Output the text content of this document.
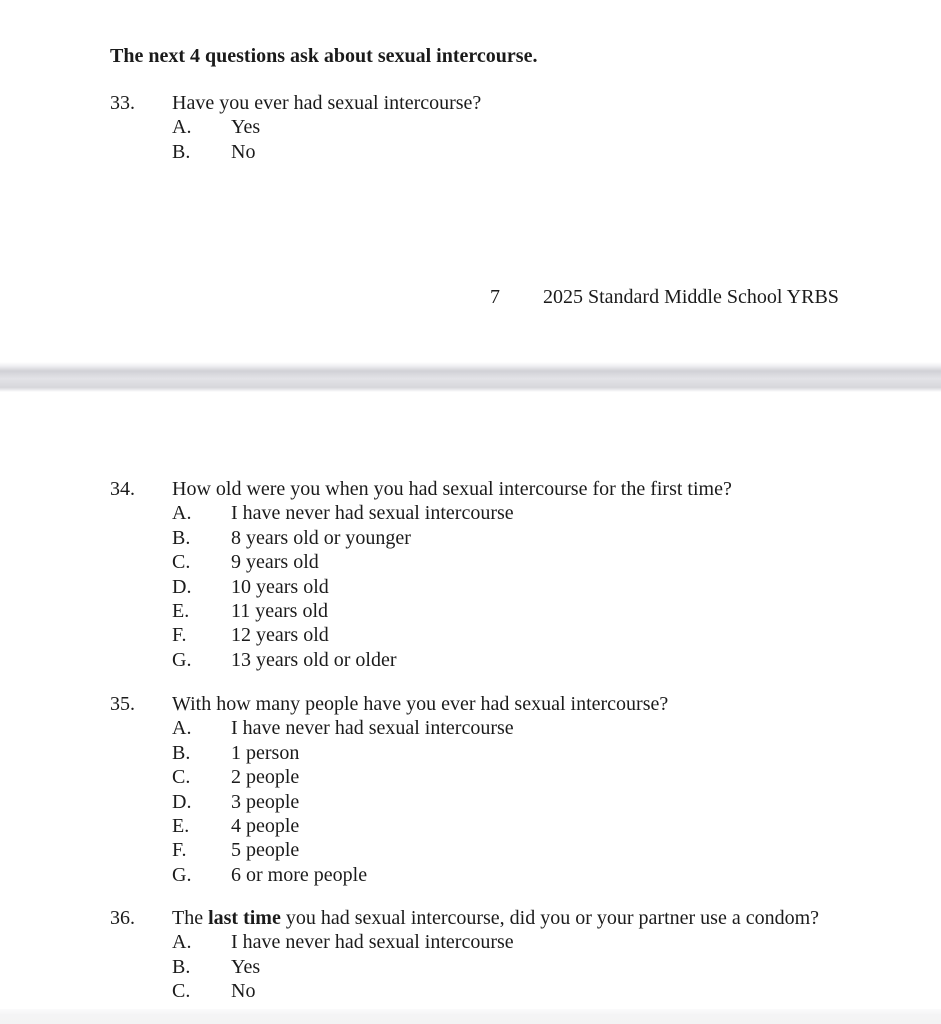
The next 4 questions ask about sexual intercourse.
33.	Have you ever had sexual intercourse?
A.	Yes
B.	No
7 2025 Standard Middle School YRBS
34.	How old were you when you had sexual intercourse for the first time?
A.	I have never had sexual intercourse
B.	8 years old or younger
C.	9 years old
D.	10 years old
E.	11 years old
F.	12 years old
G.	13 years old or older
35.	With how many people have you ever had sexual intercourse?
A.	I have never had sexual intercourse
B.	1 person
C.	2 people
D.	3 people
E.	4 people
F.	5 people
G.	6 or more people
36.	The last time you had sexual intercourse, did you or your partner use a condom?
A.	I have never had sexual intercourse
B.	Yes
C.	No
